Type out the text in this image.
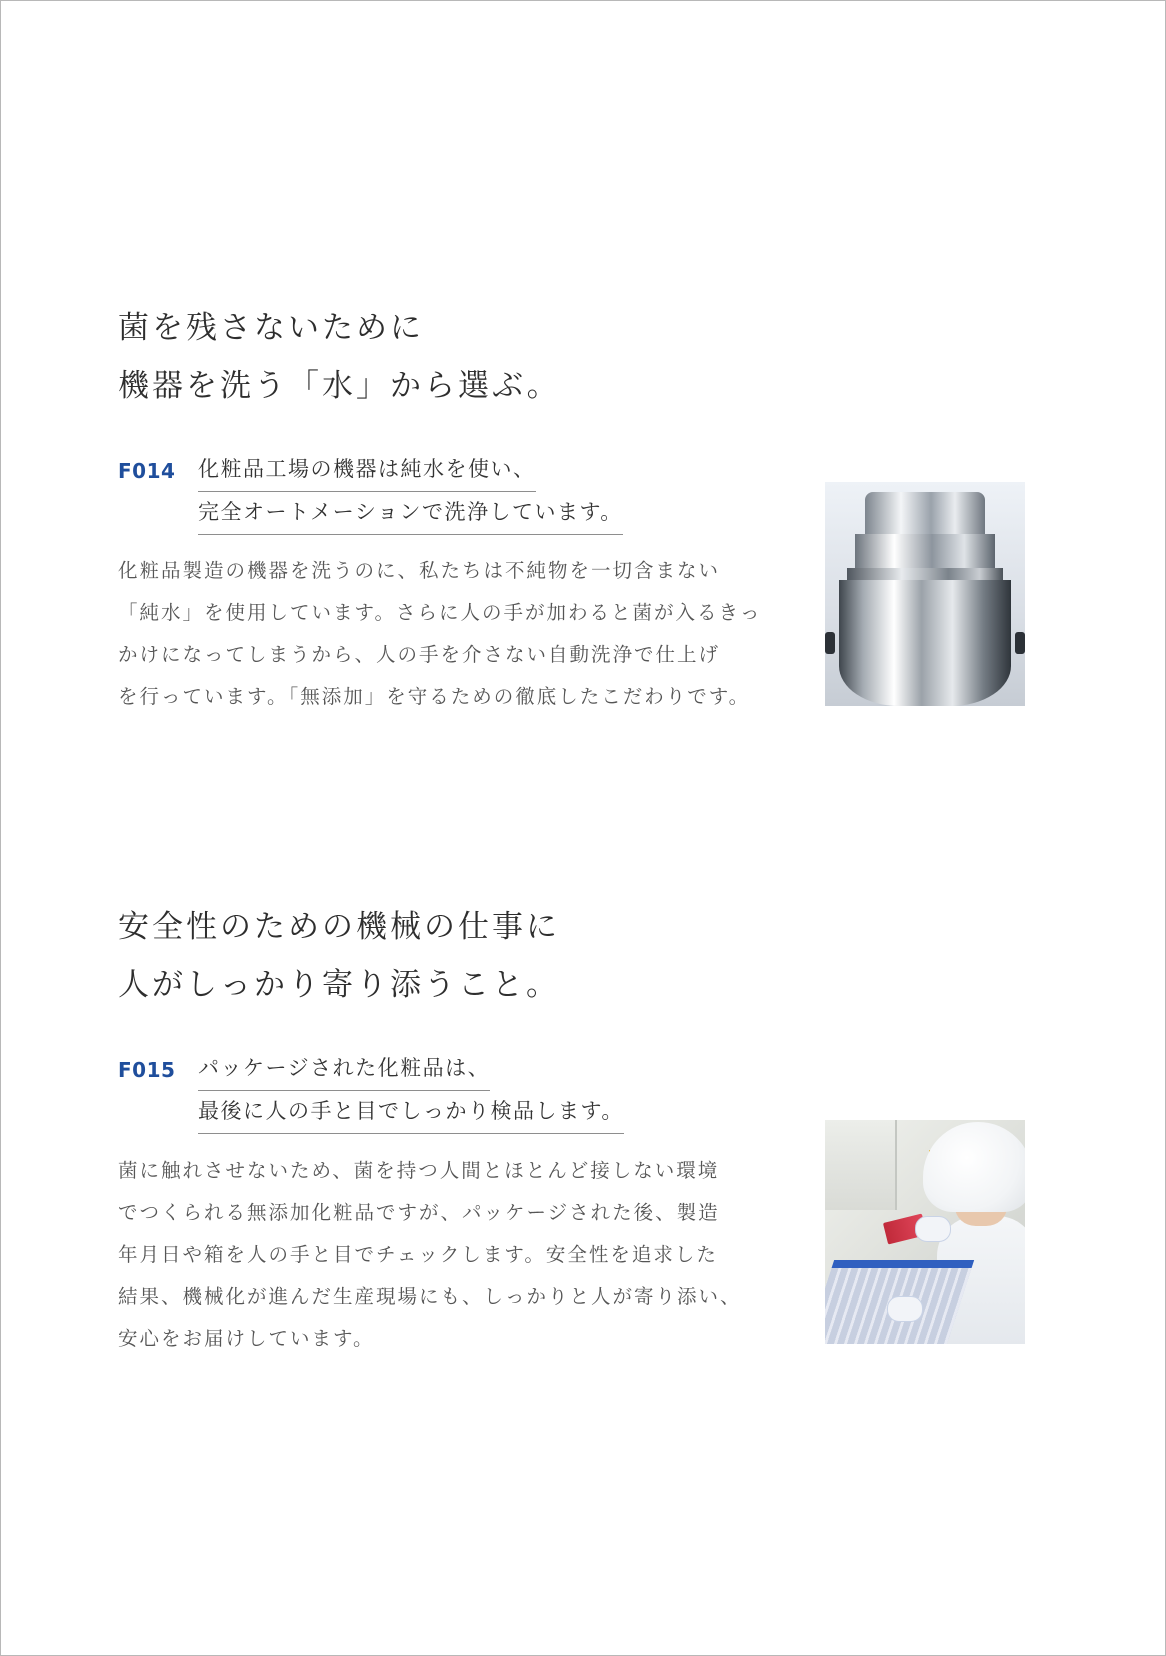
菌を残さないために
機器を洗う「水」から選ぶ。
F014 化粧品工場の機器は純水を使い、
完全オートメーションで洗浄しています。
化粧品製造の機器を洗うのに、私たちは不純物を一切含まない
「純水」を使用しています。さらに人の手が加わると菌が入るきっ
かけになってしまうから、人の手を介さない自動洗浄で仕上げ
を行っています。「無添加」を守るための徹底したこだわりです。
安全性のための機械の仕事に
人がしっかり寄り添うこと。
F015 パッケージされた化粧品は、
最後に人の手と目でしっかり検品します。
菌に触れさせないため、菌を持つ人間とほとんど接しない環境
でつくられる無添加化粧品ですが、パッケージされた後、製造
年月日や箱を人の手と目でチェックします。安全性を追求した
結果、機械化が進んだ生産現場にも、しっかりと人が寄り添い、
安心をお届けしています。
